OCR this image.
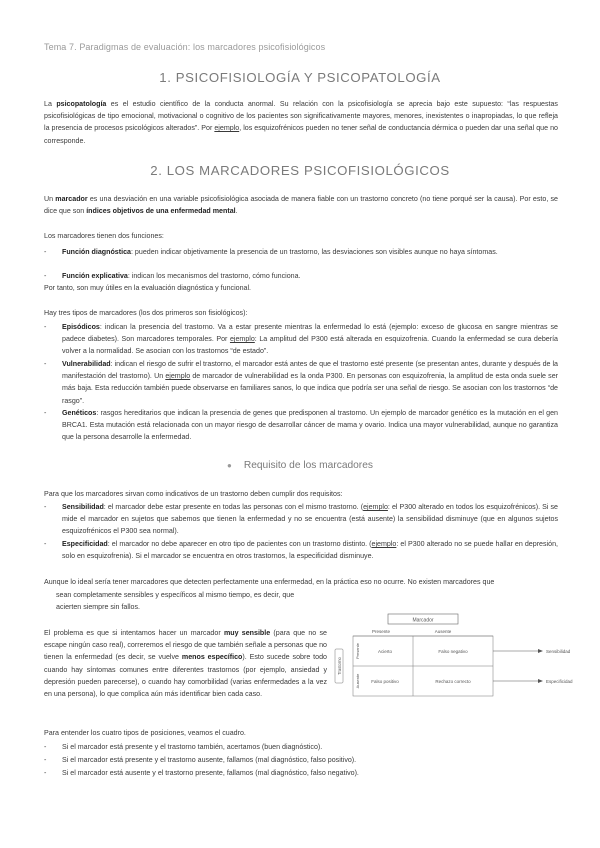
Tema 7. Paradigmas de evaluación: los marcadores psicofisiológicos
1. PSICOFISIOLOGÍA Y PSICOPATOLOGÍA
La psicopatología es el estudio científico de la conducta anormal. Su relación con la psicofisiología se aprecia bajo este supuesto: “las respuestas psicofisiológicas de tipo emocional, motivacional o cognitivo de los pacientes son significativamente mayores, menores, inexistentes o inapropiadas, lo que refleja la presencia de procesos psicológicos alterados”. Por ejemplo, los esquizofrénicos pueden no tener señal de conductancia dérmica o pueden dar una señal que no corresponde.
2. LOS MARCADORES PSICOFISIOLÓGICOS
Un marcador es una desviación en una variable psicofisiológica asociada de manera fiable con un trastorno concreto (no tiene porqué ser la causa). Por esto, se dice que son índices objetivos de una enfermedad mental.
Los marcadores tienen dos funciones:
- Función diagnóstica: pueden indicar objetivamente la presencia de un trastorno, las desviaciones son visibles aunque no haya síntomas.
- Función explicativa: indican los mecanismos del trastorno, cómo funciona.
Por tanto, son muy útiles en la evaluación diagnóstica y funcional.
Hay tres tipos de marcadores (los dos primeros son fisiológicos):
- Episódicos: indican la presencia del trastorno. Va a estar presente mientras la enfermedad lo está (ejemplo: exceso de glucosa en sangre mientras se padece diabetes). Son marcadores temporales. Por ejemplo: La amplitud del P300 está alterada en esquizofrenia. Cuando la enfermedad se cura debería volver a la normalidad. Se asocian con los trastornos “de estado”.
- Vulnerabilidad: indican el riesgo de sufrir el trastorno, el marcador está antes de que el trastorno esté presente (se presentan antes, durante y después de la manifestación del trastorno). Un ejemplo de marcador de vulnerabilidad es la onda P300. En personas con esquizofrenia, la amplitud de esta onda suele ser más baja. Esta reducción también puede observarse en familiares sanos, lo que indica que podría ser una señal de riesgo. Se asocian con los trastornos “de rasgo”.
- Genéticos: rasgos hereditarios que indican la presencia de genes que predisponen al trastorno. Un ejemplo de marcador genético es la mutación en el gen BRCA1. Esta mutación está relacionada con un mayor riesgo de desarrollar cáncer de mama y ovario. Indica una mayor vulnerabilidad, aunque no garantiza que la persona desarrolle la enfermedad.
● Requisito de los marcadores
Para que los marcadores sirvan como indicativos de un trastorno deben cumplir dos requisitos:
- Sensibilidad: el marcador debe estar presente en todas las personas con el mismo trastorno. (ejemplo: el P300 alterado en todos los esquizofrénicos). Si se mide el marcador en sujetos que sabemos que tienen la enfermedad y no se encuentra (está ausente) la sensibilidad disminuye (que en algunos sujetos esquizofrénicos el P300 sea normal).
- Especificidad: el marcador no debe aparecer en otro tipo de pacientes con un trastorno distinto. (ejemplo: el P300 alterado no se puede hallar en depresión, solo en esquizofrenia). Si el marcador se encuentra en otros trastornos, la especificidad disminuye.
Aunque lo ideal sería tener marcadores que detecten perfectamente una enfermedad, en la práctica eso no ocurre. No existen marcadores que
sean completamente sensibles y específicos al mismo tiempo, es decir, que
acierten siempre sin fallos.
El problema es que si intentamos hacer un marcador muy sensible (para que no se escape ningún caso real), correremos el riesgo de que también señale a personas que no tienen la enfermedad (es decir, se vuelve menos específico). Esto sucede sobre todo cuando hay síntomas comunes entre diferentes trastornos (por ejemplo, ansiedad y depresión pueden parecerse), o cuando hay comorbilidad (varias enfermedades a la vez en una persona), lo que complica aún más identificar bien cada caso.
Marcador
Presente	Ausente
Trastorno
Presente
Ausente
Acierto	Falso negativo
Falso positivo	Rechazo correcto
Sensibilidad
Especificidad
Para entender los cuatro tipos de posiciones, veamos el cuadro.
- Si el marcador está presente y el trastorno también, acertamos (buen diagnóstico).
- Si el marcador está presente y el trastorno ausente, fallamos (mal diagnóstico, falso positivo).
- Si el marcador está ausente y el trastorno presente, fallamos (mal diagnóstico, falso negativo).
